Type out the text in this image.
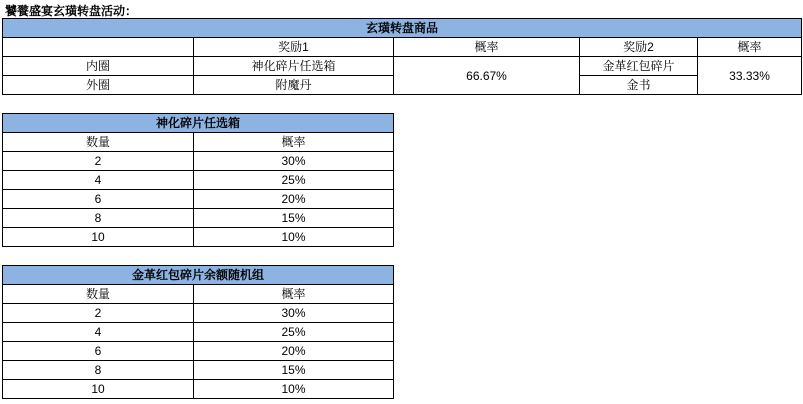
饕餮盛宴玄璜转盘活动：
玄璜转盘商品				
	奖励1	概率	奖励2	概率
内圈	神化碎片任选箱	66.67%	金革红包碎片	33.33%
外圈	附魔丹		金书	
神化碎片任选箱	
数量	概率
2	30%
4	25%
6	20%
8	15%
10	10%
金革红包碎片余额随机组	
数量	概率
2	30%
4	25%
6	20%
8	15%
10	10%
